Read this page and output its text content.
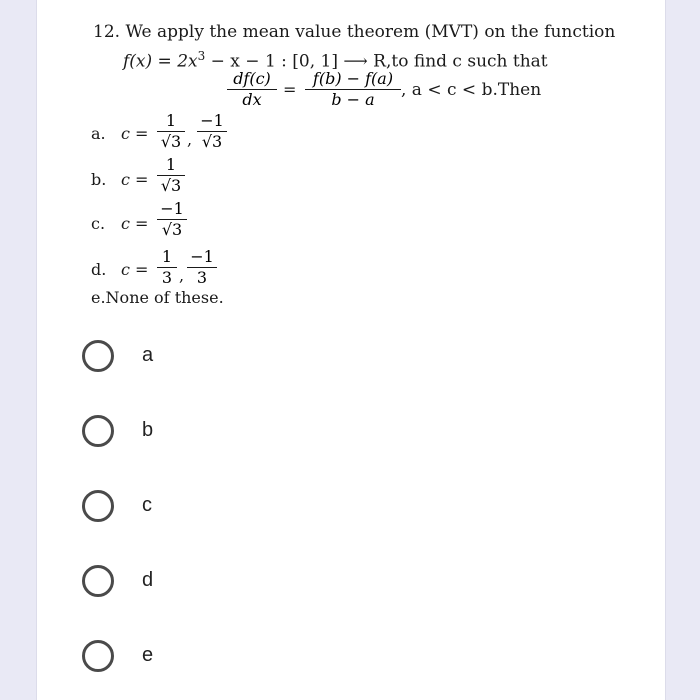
12. We apply the mean value theorem (MVT) on the function
$f(x) = 2x^3 - x - 1$ : [0, 1] ⟶ R,to find c such that
df(c)
dx
=
f(b) − f(a)
b − a	, a < c < b.Then
a. c =
1
√3 ,
−1
√3
b. c =
1
√3
c. c =
−1
√3
d. c =
1
3 ,
−1
3
e.None of these.
a
b
c
d
e
